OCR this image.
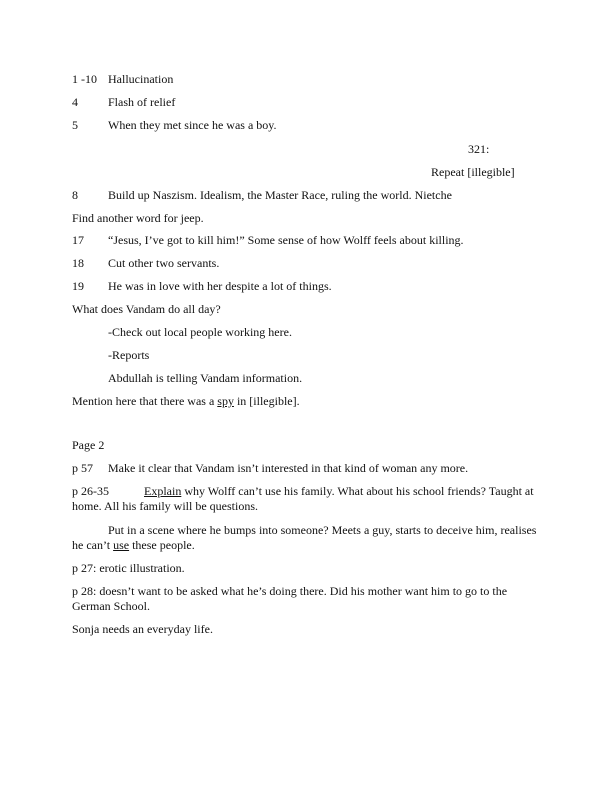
1 -10 Hallucination
4	Flash of relief
5	When they met since he was a boy.
321:
Repeat [illegible]
8	Build up Naszism. Idealism, the Master Race, ruling the world. Nietche
Find another word for jeep.
17 “Jesus, I’ve got to kill him!” Some sense of how Wolff feels about killing.
18 Cut other two servants.
19 He was in love with her despite a lot of things.
What does Vandam do all day?
-Check out local people working here.
-Reports
Abdullah is telling Vandam information.
Mention here that there was a spy in [illegible].
Page 2
p 57 Make it clear that Vandam isn’t interested in that kind of woman any more.
p 26-35	Explain why Wolff can’t use his family. What about his school friends? Taught at
home. All his family will be questions.
Put in a scene where he bumps into someone? Meets a guy, starts to deceive him, realises
he can’t use these people.
p 27: erotic illustration.
p 28: doesn’t want to be asked what he’s doing there. Did his mother want him to go to the
German School.
Sonja needs an everyday life.
